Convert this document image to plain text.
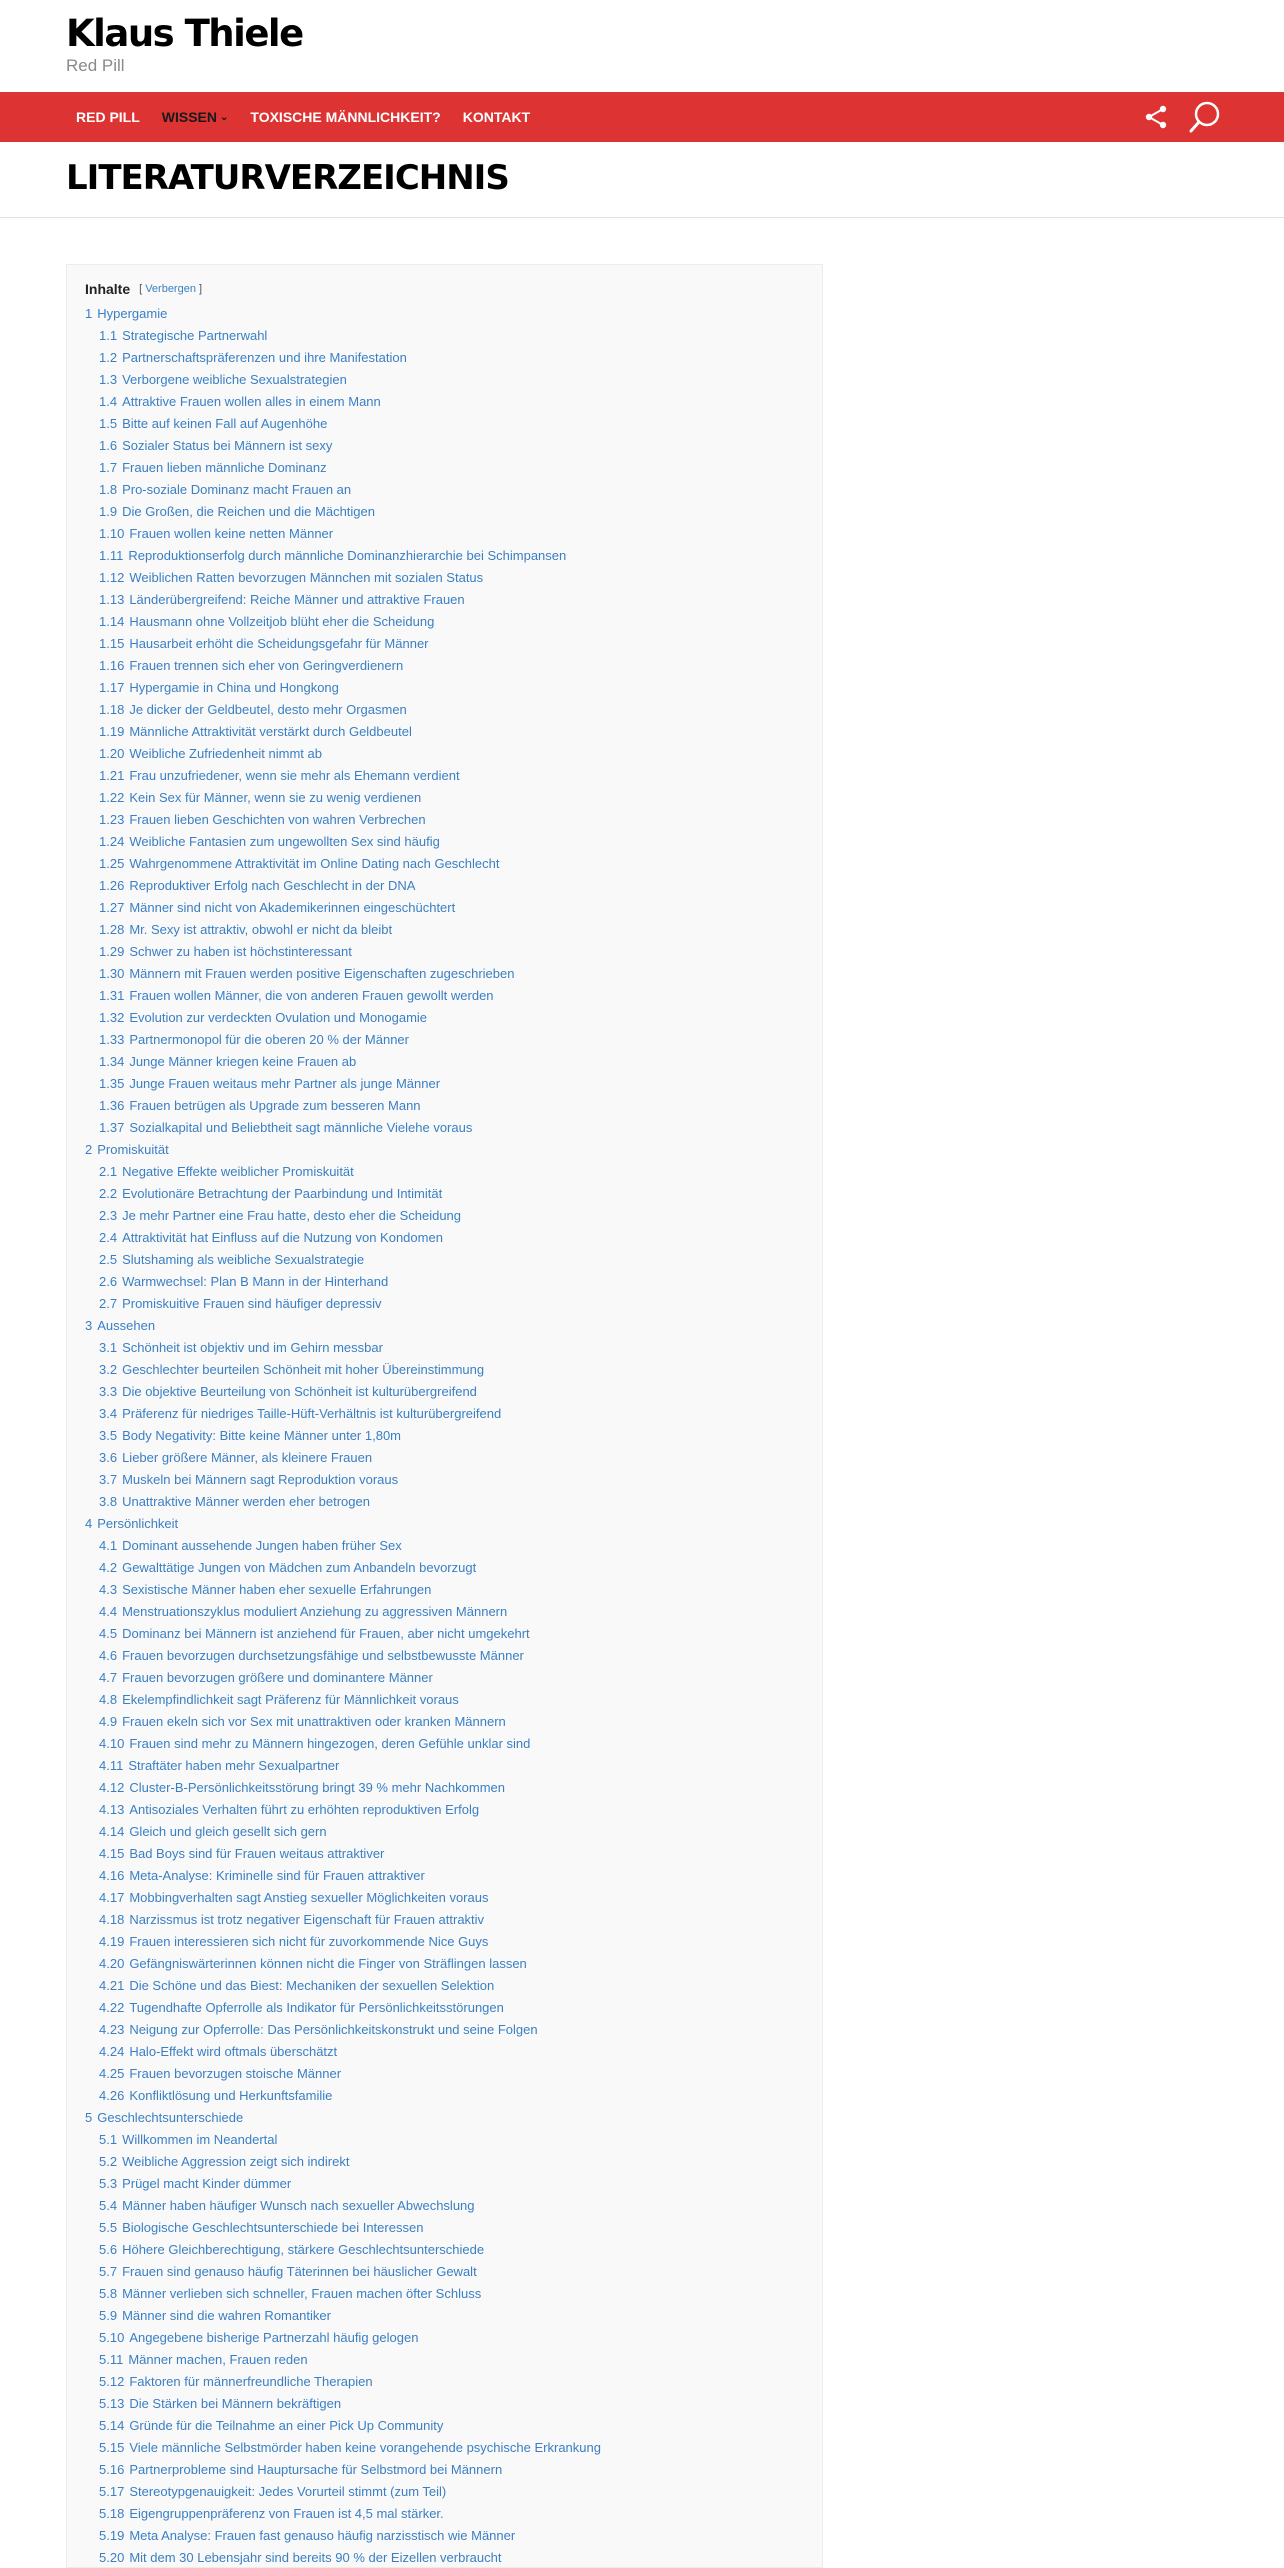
Klaus Thiele
Red Pill
RED PILL WISSEN ⌄ TOXISCHE MÄNNLICHKEIT? KONTAKT
LITERATURVERZEICHNIS
Inhalte [ Verbergen ]
1 Hypergamie
1.1 Strategische Partnerwahl
1.2 Partnerschaftspräferenzen und ihre Manifestation
1.3 Verborgene weibliche Sexualstrategien
1.4 Attraktive Frauen wollen alles in einem Mann
1.5 Bitte auf keinen Fall auf Augenhöhe
1.6 Sozialer Status bei Männern ist sexy
1.7 Frauen lieben männliche Dominanz
1.8 Pro-soziale Dominanz macht Frauen an
1.9 Die Großen, die Reichen und die Mächtigen
1.10 Frauen wollen keine netten Männer
1.11 Reproduktionserfolg durch männliche Dominanzhierarchie bei Schimpansen
1.12 Weiblichen Ratten bevorzugen Männchen mit sozialen Status
1.13 Länderübergreifend: Reiche Männer und attraktive Frauen
1.14 Hausmann ohne Vollzeitjob blüht eher die Scheidung
1.15 Hausarbeit erhöht die Scheidungsgefahr für Männer
1.16 Frauen trennen sich eher von Geringverdienern
1.17 Hypergamie in China und Hongkong
1.18 Je dicker der Geldbeutel, desto mehr Orgasmen
1.19 Männliche Attraktivität verstärkt durch Geldbeutel
1.20 Weibliche Zufriedenheit nimmt ab
1.21 Frau unzufriedener, wenn sie mehr als Ehemann verdient
1.22 Kein Sex für Männer, wenn sie zu wenig verdienen
1.23 Frauen lieben Geschichten von wahren Verbrechen
1.24 Weibliche Fantasien zum ungewollten Sex sind häufig
1.25 Wahrgenommene Attraktivität im Online Dating nach Geschlecht
1.26 Reproduktiver Erfolg nach Geschlecht in der DNA
1.27 Männer sind nicht von Akademikerinnen eingeschüchtert
1.28 Mr. Sexy ist attraktiv, obwohl er nicht da bleibt
1.29 Schwer zu haben ist höchstinteressant
1.30 Männern mit Frauen werden positive Eigenschaften zugeschrieben
1.31 Frauen wollen Männer, die von anderen Frauen gewollt werden
1.32 Evolution zur verdeckten Ovulation und Monogamie
1.33 Partnermonopol für die oberen 20 % der Männer
1.34 Junge Männer kriegen keine Frauen ab
1.35 Junge Frauen weitaus mehr Partner als junge Männer
1.36 Frauen betrügen als Upgrade zum besseren Mann
1.37 Sozialkapital und Beliebtheit sagt männliche Vielehe voraus
2 Promiskuität
2.1 Negative Effekte weiblicher Promiskuität
2.2 Evolutionäre Betrachtung der Paarbindung und Intimität
2.3 Je mehr Partner eine Frau hatte, desto eher die Scheidung
2.4 Attraktivität hat Einfluss auf die Nutzung von Kondomen
2.5 Slutshaming als weibliche Sexualstrategie
2.6 Warmwechsel: Plan B Mann in der Hinterhand
2.7 Promiskuitive Frauen sind häufiger depressiv
3 Aussehen
3.1 Schönheit ist objektiv und im Gehirn messbar
3.2 Geschlechter beurteilen Schönheit mit hoher Übereinstimmung
3.3 Die objektive Beurteilung von Schönheit ist kulturübergreifend
3.4 Präferenz für niedriges Taille-Hüft-Verhältnis ist kulturübergreifend
3.5 Body Negativity: Bitte keine Männer unter 1,80m
3.6 Lieber größere Männer, als kleinere Frauen
3.7 Muskeln bei Männern sagt Reproduktion voraus
3.8 Unattraktive Männer werden eher betrogen
4 Persönlichkeit
4.1 Dominant aussehende Jungen haben früher Sex
4.2 Gewalttätige Jungen von Mädchen zum Anbandeln bevorzugt
4.3 Sexistische Männer haben eher sexuelle Erfahrungen
4.4 Menstruationszyklus moduliert Anziehung zu aggressiven Männern
4.5 Dominanz bei Männern ist anziehend für Frauen, aber nicht umgekehrt
4.6 Frauen bevorzugen durchsetzungsfähige und selbstbewusste Männer
4.7 Frauen bevorzugen größere und dominantere Männer
4.8 Ekelempfindlichkeit sagt Präferenz für Männlichkeit voraus
4.9 Frauen ekeln sich vor Sex mit unattraktiven oder kranken Männern
4.10 Frauen sind mehr zu Männern hingezogen, deren Gefühle unklar sind
4.11 Straftäter haben mehr Sexualpartner
4.12 Cluster-B-Persönlichkeitsstörung bringt 39 % mehr Nachkommen
4.13 Antisoziales Verhalten führt zu erhöhten reproduktiven Erfolg
4.14 Gleich und gleich gesellt sich gern
4.15 Bad Boys sind für Frauen weitaus attraktiver
4.16 Meta-Analyse: Kriminelle sind für Frauen attraktiver
4.17 Mobbingverhalten sagt Anstieg sexueller Möglichkeiten voraus
4.18 Narzissmus ist trotz negativer Eigenschaft für Frauen attraktiv
4.19 Frauen interessieren sich nicht für zuvorkommende Nice Guys
4.20 Gefängniswärterinnen können nicht die Finger von Sträflingen lassen
4.21 Die Schöne und das Biest: Mechaniken der sexuellen Selektion
4.22 Tugendhafte Opferrolle als Indikator für Persönlichkeitsstörungen
4.23 Neigung zur Opferrolle: Das Persönlichkeitskonstrukt und seine Folgen
4.24 Halo-Effekt wird oftmals überschätzt
4.25 Frauen bevorzugen stoische Männer
4.26 Konfliktlösung und Herkunftsfamilie
5 Geschlechtsunterschiede
5.1 Willkommen im Neandertal
5.2 Weibliche Aggression zeigt sich indirekt
5.3 Prügel macht Kinder dümmer
5.4 Männer haben häufiger Wunsch nach sexueller Abwechslung
5.5 Biologische Geschlechtsunterschiede bei Interessen
5.6 Höhere Gleichberechtigung, stärkere Geschlechtsunterschiede
5.7 Frauen sind genauso häufig Täterinnen bei häuslicher Gewalt
5.8 Männer verlieben sich schneller, Frauen machen öfter Schluss
5.9 Männer sind die wahren Romantiker
5.10 Angegebene bisherige Partnerzahl häufig gelogen
5.11 Männer machen, Frauen reden
5.12 Faktoren für männerfreundliche Therapien
5.13 Die Stärken bei Männern bekräftigen
5.14 Gründe für die Teilnahme an einer Pick Up Community
5.15 Viele männliche Selbstmörder haben keine vorangehende psychische Erkrankung
5.16 Partnerprobleme sind Hauptursache für Selbstmord bei Männern
5.17 Stereotypgenauigkeit: Jedes Vorurteil stimmt (zum Teil)
5.18 Eigengruppenpräferenz von Frauen ist 4,5 mal stärker.
5.19 Meta Analyse: Frauen fast genauso häufig narzisstisch wie Männer
5.20 Mit dem 30 Lebensjahr sind bereits 90 % der Eizellen verbraucht
